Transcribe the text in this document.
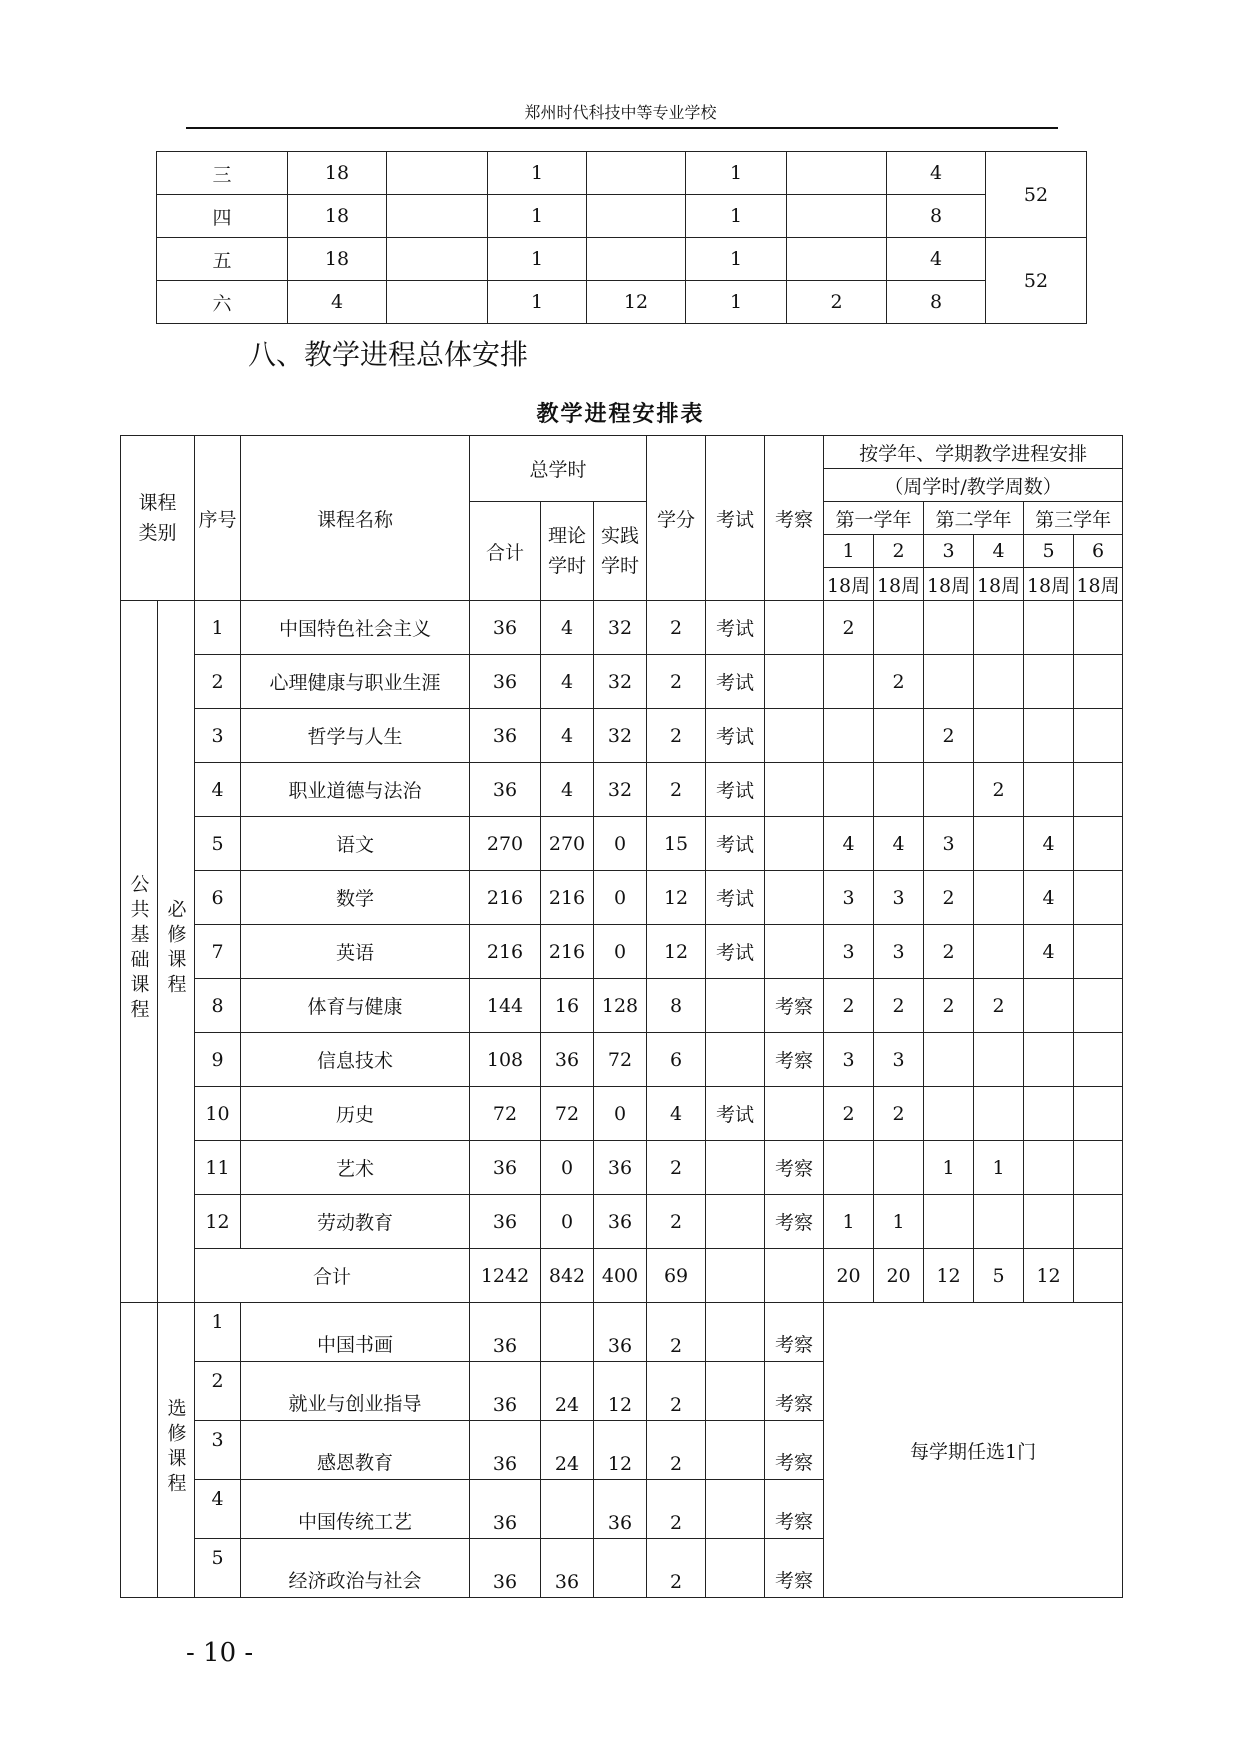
郑州时代科技中等专业学校
三	18		1		1		4	52
四	18		1		1		8	
五	18		1		1		4	52
六	4		1	12	1	2	8	
八、教学进程总体安排
教学进程安排表
课程类别		序号	课程名称	总学时			学分	考试	考察	按学年、学期教学进程安排					
										（周学时/教学周数）					
				合计	理论学时	实践学时				第一学年		第二学年		第三学年	
										1	2	3	4	5	6
										18周	18周	18周	18周	18周	18周
公共基础课程	必修课程	1	中国特色社会主义	36	4	32	2	考试		2					
		2	心理健康与职业生涯	36	4	32	2	考试			2				
		3	哲学与人生	36	4	32	2	考试				2			
		4	职业道德与法治	36	4	32	2	考试					2		
		5	语文	270	270	0	15	考试		4	4	3		4	
		6	数学	216	216	0	12	考试		3	3	2		4	
		7	英语	216	216	0	12	考试		3	3	2		4	
		8	体育与健康	144	16	128	8		考察	2	2	2	2		
		9	信息技术	108	36	72	6		考察	3	3				
		10	历史	72	72	0	4	考试		2	2				
		11	艺术	36	0	36	2		考察			1	1		
		12	劳动教育	36	0	36	2		考察	1	1				
		合计		1242	842	400	69			20	20	12	5	12	
	选修课程	1	中国书画	36		36	2		考察	每学期任选1门					
		2	就业与创业指导	36	24	12	2		考察						
		3	感恩教育	36	24	12	2		考察						
		4	中国传统工艺	36		36	2		考察						
		5	经济政治与社会	36	36		2		考察						
- 10 -
